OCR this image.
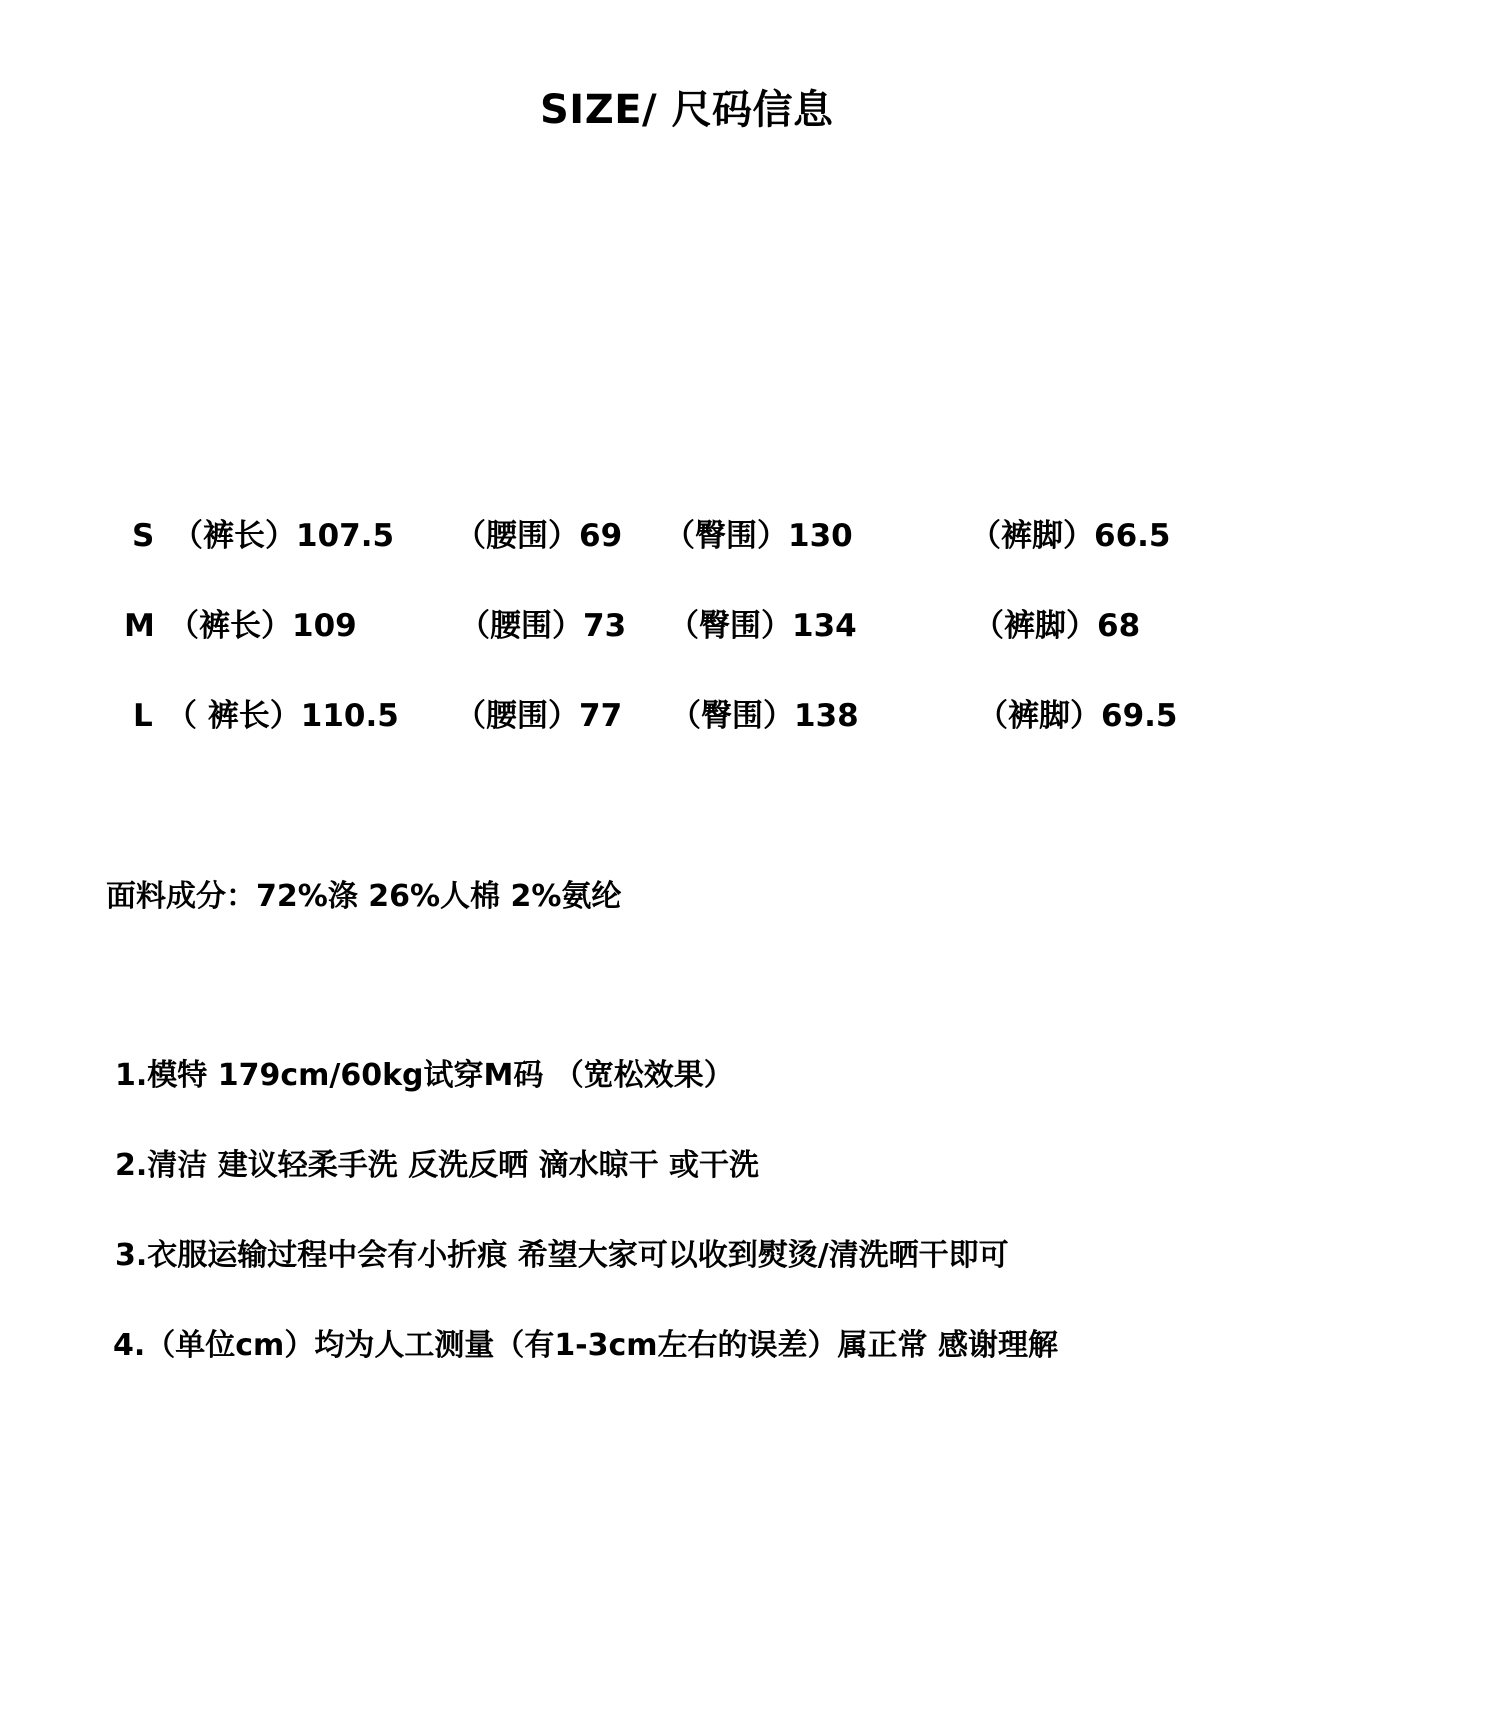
SIZE/ 尺码信息
S （裤长）107.5 （腰围）69 （臀围）130	（裤脚）66.5
M （裤长）109	（腰围）73 （臀围）134	（裤脚）68
L （ 裤长）110.5 （腰围）77 （臀围）138	（裤脚）69.5
面料成分：72%涤 26%人棉 2%氨纶
1.模特 179cm/60kg试穿M码 （宽松效果）
2.清洁 建议轻柔手洗 反洗反晒 滴水晾干 或干洗
3.衣服运输过程中会有小折痕 希望大家可以收到熨烫/清洗晒干即可
4.（单位cm）均为人工测量（有1-3cm左右的误差）属正常 感谢理解
